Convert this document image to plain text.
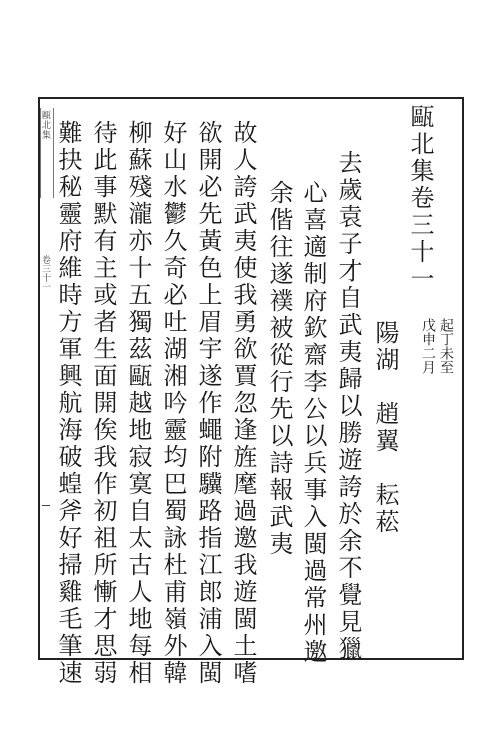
甌北集
卷三十一	甌北集卷三十一
起丁未至
戊申二月
陽湖　趙翼　耘菘
去歲袁子才自武夷歸以勝遊誇於余不覺見獵
心喜適制府欽齋李公以兵事入閩過常州邀
余偕往遂襆被從行先以詩報武夷
故人誇武夷使我勇欲賈忽逢旌麾過邀我遊閩土嗜
欲開必先黃色上眉宇遂作蠅附驥路指江郎浦入閩
好山水鬱久奇必吐湖湘吟靈均巴蜀詠杜甫嶺外韓
柳蘇殘瀧亦十五獨茲甌越地寂寞自太古人地每相
待此事默有主或者生面開俟我作初祖所慚才思弱
難抉秘靈府維時方軍興航海破蝗斧好掃雞毛筆速
